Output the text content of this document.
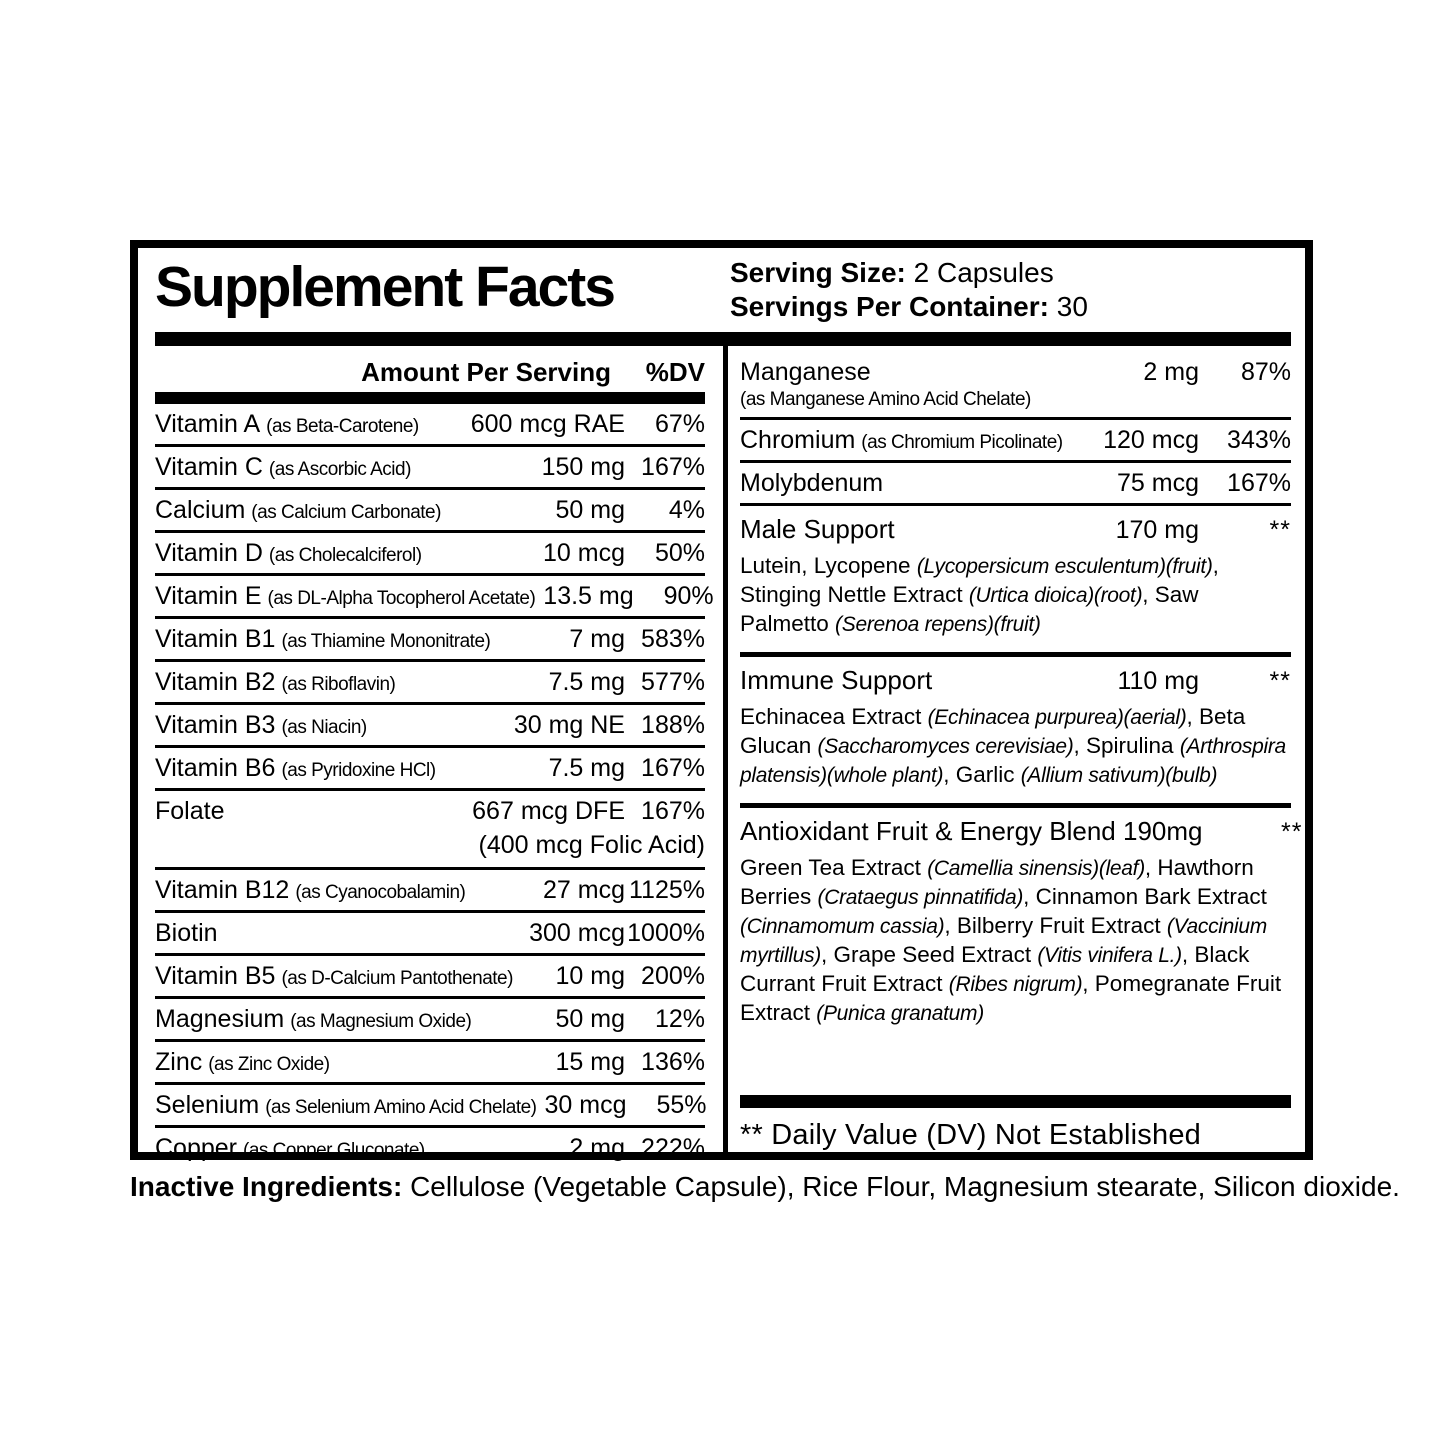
Supplement Facts	Serving Size: 2 Capsules
Servings Per Container: 30
Amount Per Serving	%DV
Vitamin A (as Beta-Carotene)	600 mcg RAE	67%
Vitamin C (as Ascorbic Acid)	150 mg 167%
Calcium (as Calcium Carbonate)	50 mg	4%
Vitamin D (as Cholecalciferol)	10 mcg	50%
Vitamin E (as DL-Alpha Tocopherol Acetate) 13.5 mg	90%
Vitamin B1 (as Thiamine Mononitrate)	7 mg 583%
Vitamin B2 (as Riboflavin)	7.5 mg 577%
Vitamin B3 (as Niacin)	30 mg NE 188%
Vitamin B6 (as Pyridoxine HCl)	7.5 mg 167%
Folate	667 mcg DFE 167%
(400 mcg Folic Acid)
Vitamin B12 (as Cyanocobalamin)	27 mcg 1125%
Biotin	300 mcg 1000%
Vitamin B5 (as D-Calcium Pantothenate)	10 mg 200%
Magnesium (as Magnesium Oxide)	50 mg	12%
Zinc (as Zinc Oxide)	15 mg 136%
Selenium (as Selenium Amino Acid Chelate) 30 mcg	55%
Copper (as Copper Gluconate)	2 mg 222%
Manganese	2 mg	87%
(as Manganese Amino Acid Chelate)
Chromium (as Chromium Picolinate)	120 mcg	343%
Molybdenum	75 mcg	167%
Male Support	170 mg	**

Lutein, Lycopene (Lycopersicum esculentum)(fruit), Stinging Nettle Extract (Urtica dioica)(root), Saw Palmetto (Serenoa repens)(fruit)

Immune Support	110 mg	**

Echinacea Extract (Echinacea purpurea)(aerial), Beta Glucan (Saccharomyces cerevisiae), Spirulina (Arthrospira platensis)(whole plant), Garlic (Allium sativum)(bulb)

Antioxidant Fruit & Energy Blend 190mg	**

Green Tea Extract (Camellia sinensis)(leaf), Hawthorn Berries (Crataegus pinnatifida), Cinnamon Bark Extract (Cinnamomum cassia), Bilberry Fruit Extract (Vaccinium myrtillus), Grape Seed Extract (Vitis vinifera L.), Black Currant Fruit Extract (Ribes nigrum), Pomegranate Fruit Extract (Punica granatum)

** Daily Value (DV) Not Established
Inactive Ingredients: Cellulose (Vegetable Capsule), Rice Flour, Magnesium stearate, Silicon dioxide.
